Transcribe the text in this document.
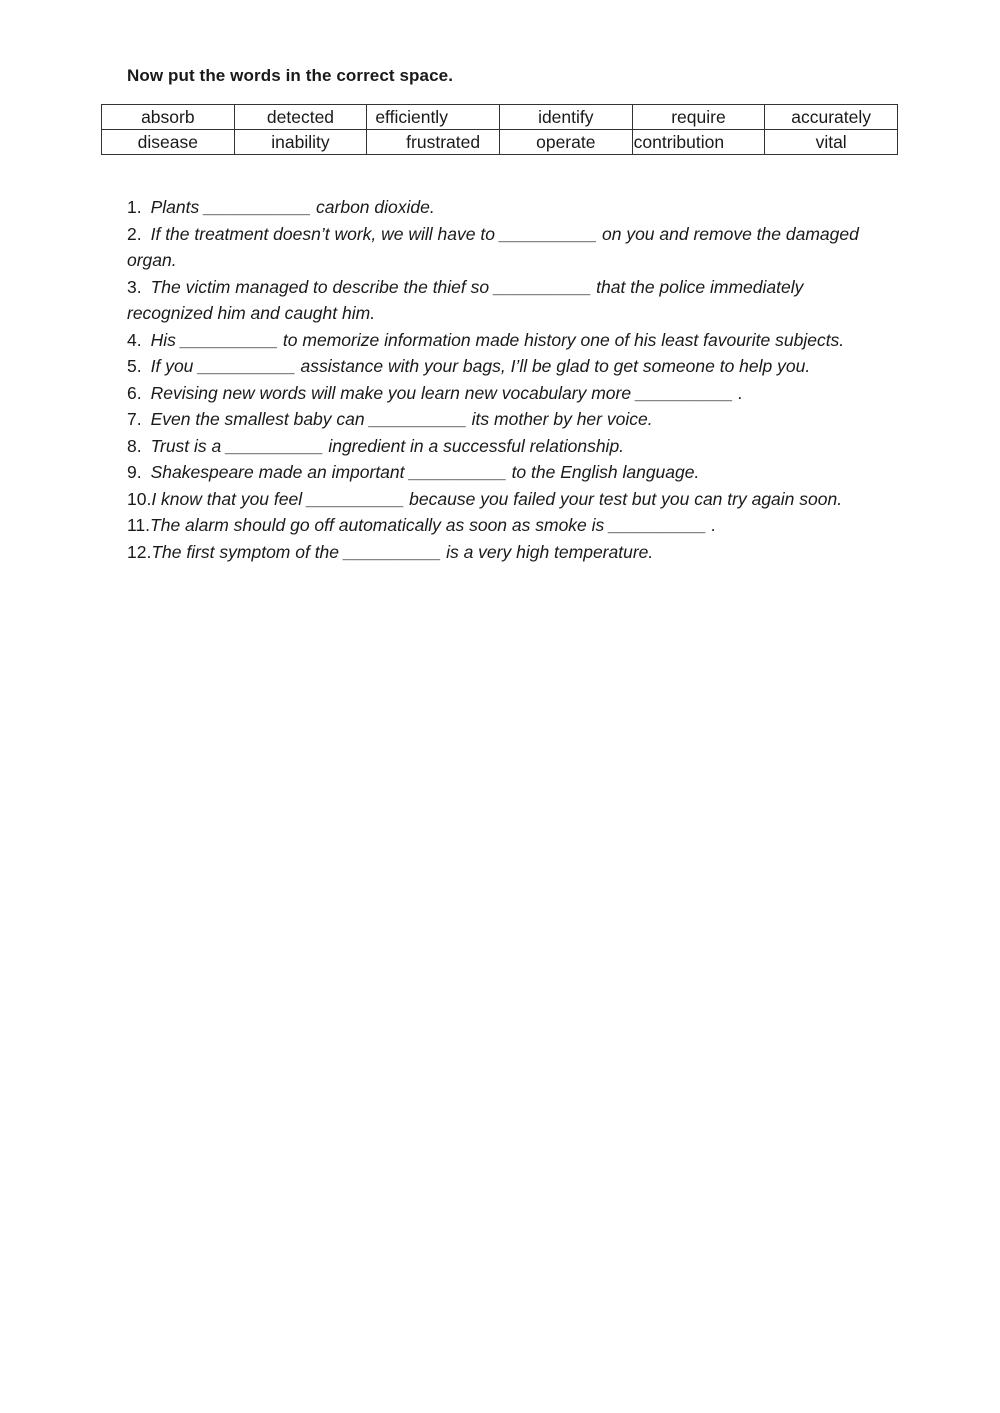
Now put the words in the correct space.

absorb	detected	efficiently	identify	require	accurately
disease	inability	frustrated	operate	contribution	vital
1. Plants ___________ carbon dioxide.
2. If the treatment doesn’t work, we will have to __________ on you and remove the damaged
organ.
3. The victim managed to describe the thief so __________ that the police immediately
recognized him and caught him.
4. His __________ to memorize information made history one of his least favourite subjects.
5. If you __________ assistance with your bags, I’ll be glad to get someone to help you.
6. Revising new words will make you learn new vocabulary more __________ .
7. Even the smallest baby can __________ its mother by her voice.
8. Trust is a __________ ingredient in a successful relationship.
9. Shakespeare made an important __________ to the English language.
10.I know that you feel __________ because you failed your test but you can try again soon.
11.The alarm should go off automatically as soon as smoke is __________ .
12.The first symptom of the __________ is a very high temperature.
